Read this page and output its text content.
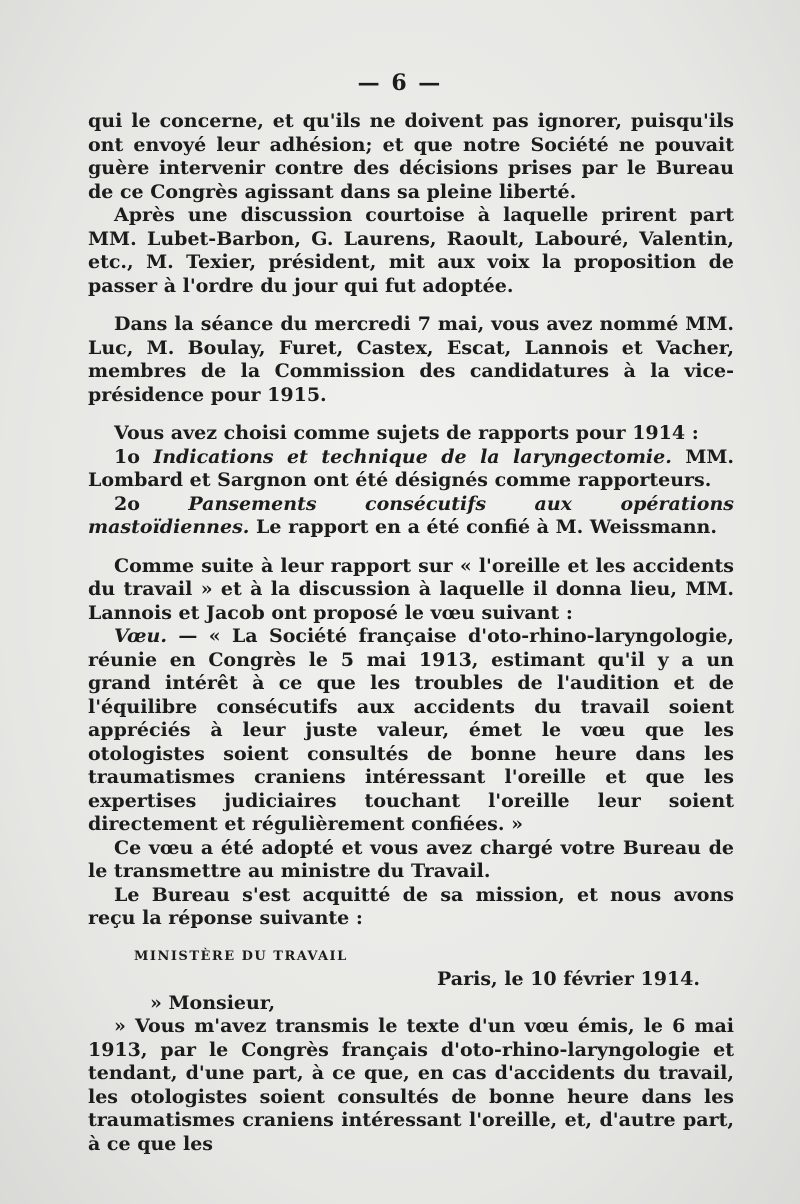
— 6 —

qui le concerne, et qu'ils ne doivent pas ignorer, puisqu'ils ont envoyé leur adhésion; et que notre Société ne pouvait guère intervenir contre des décisions prises par le Bureau de ce Congrès agissant dans sa pleine liberté.

Après une discussion courtoise à laquelle prirent part MM. Lubet-Barbon, G. Laurens, Raoult, Labouré, Valentin, etc., M. Texier, président, mit aux voix la proposition de passer à l'ordre du jour qui fut adoptée.

Dans la séance du mercredi 7 mai, vous avez nommé MM. Luc, M. Boulay, Furet, Castex, Escat, Lannois et Vacher, membres de la Commission des candidatures à la vice-présidence pour 1915.

Vous avez choisi comme sujets de rapports pour 1914 :

1o Indications et technique de la laryngectomie. MM. Lombard et Sargnon ont été désignés comme rapporteurs.

2o	Pansements consécutifs aux opérations mastoïdiennes. Le rapport en a été confié à M. Weissmann.

Comme suite à leur rapport sur « l'oreille et les accidents du travail » et à la discussion à laquelle il donna lieu, MM. Lannois et Jacob ont proposé le vœu suivant :

Vœu. — « La Société française d'oto-rhino-laryngologie, réunie en Congrès le 5 mai 1913, estimant qu'il y a un grand intérêt à ce que les troubles de l'audition et de l'équilibre consécutifs aux accidents du travail soient appréciés à leur juste valeur, émet le vœu que les otologistes soient consultés de bonne heure dans les traumatismes craniens intéressant l'oreille et que les expertises judiciaires touchant l'oreille leur soient directement et régulièrement confiées. »

Ce vœu a été adopté et vous avez chargé votre Bureau de le transmettre au ministre du Travail.

Le Bureau s'est acquitté de sa mission, et nous avons reçu la réponse suivante :

MINISTÈRE DU TRAVAIL

Paris, le 10 février 1914.

» Monsieur,

» Vous m'avez transmis le texte d'un vœu émis, le 6 mai 1913, par le Congrès français d'oto-rhino-laryngologie et tendant, d'une part, à ce que, en cas d'accidents du travail, les otologistes soient consultés de bonne heure dans les traumatismes craniens intéressant l'oreille, et, d'autre part, à ce que les
